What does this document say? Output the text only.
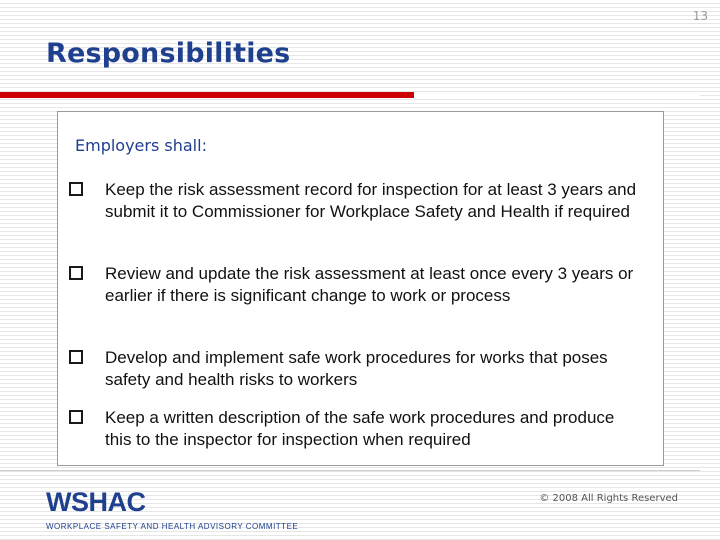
13
Responsibilities
Employers shall:
Keep the risk assessment record for inspection for at least 3 years and submit it to Commissioner for Workplace Safety and Health if required
Review and update the risk assessment at least once every 3 years or earlier if there is significant change to work or process
Develop and implement safe work procedures for works that poses safety and health risks to workers
Keep a written description of the safe work procedures and produce this to the inspector for inspection when required
WSHAC
WORKPLACE SAFETY AND HEALTH ADVISORY COMMITTEE
© 2008 All Rights Reserved
